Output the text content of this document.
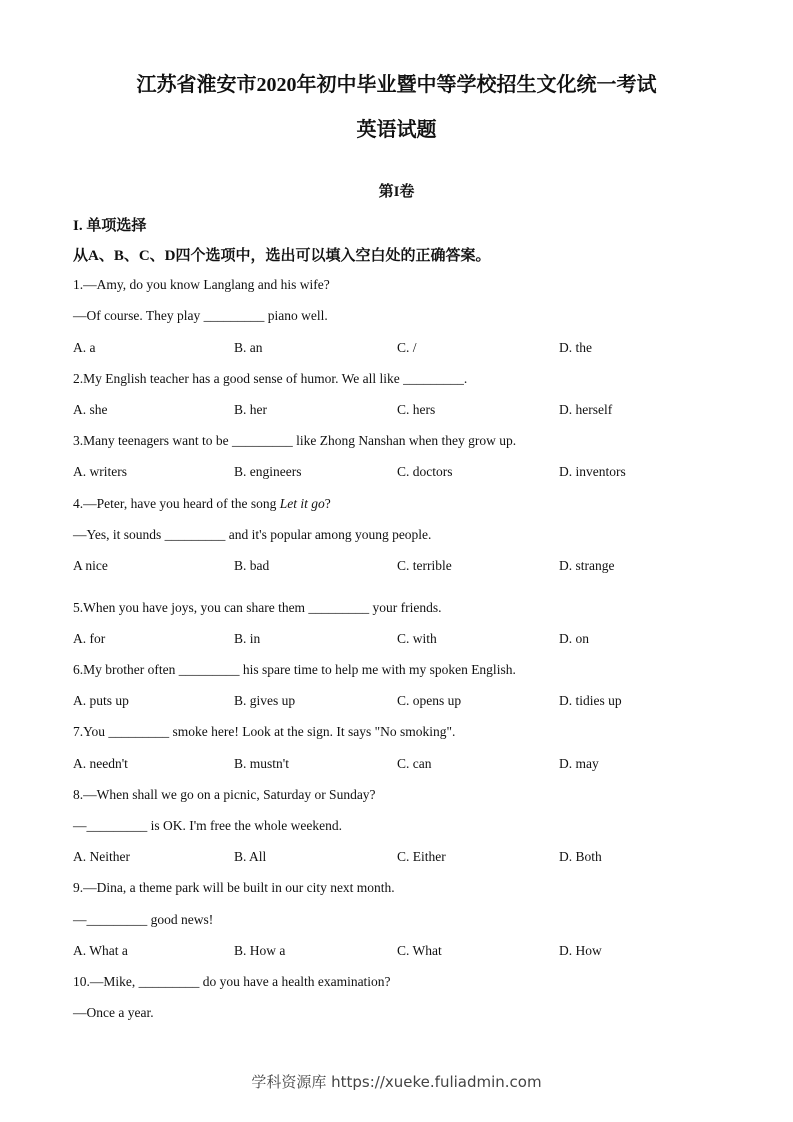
江苏省淮安市2020年初中毕业暨中等学校招生文化统一考试
英语试题
第I卷
I. 单项选择
从A、B、C、D四个选项中，选出可以填入空白处的正确答案。
1.—Amy, do you know Langlang and his wife?
—Of course. They play _________ piano well.
A. a	B. an	C. /	D. the
2.My English teacher has a good sense of humor. We all like _________.
A. she	B. her	C. hers	D. herself
3.Many teenagers want to be _________ like Zhong Nanshan when they grow up.
A. writers	B. engineers	C. doctors	D. inventors
4.—Peter, have you heard of the song Let it go?
—Yes, it sounds _________ and it's popular among young people.
A nice	B. bad	C. terrible	D. strange
5.When you have joys, you can share them _________ your friends.
A. for	B. in	C. with	D. on
6.My brother often _________ his spare time to help me with my spoken English.
A. puts up	B. gives up	C. opens up	D. tidies up
7.You _________ smoke here! Look at the sign. It says "No smoking".
A. needn't	B. mustn't	C. can	D. may
8.—When shall we go on a picnic, Saturday or Sunday?
—_________ is OK. I'm free the whole weekend.
A. Neither	B. All	C. Either	D. Both
9.—Dina, a theme park will be built in our city next month.
—_________ good news!
A. What a	B. How a	C. What	D. How
10.—Mike, _________ do you have a health examination?
—Once a year.
学科资源库 https://xueke.fuliadmin.com
